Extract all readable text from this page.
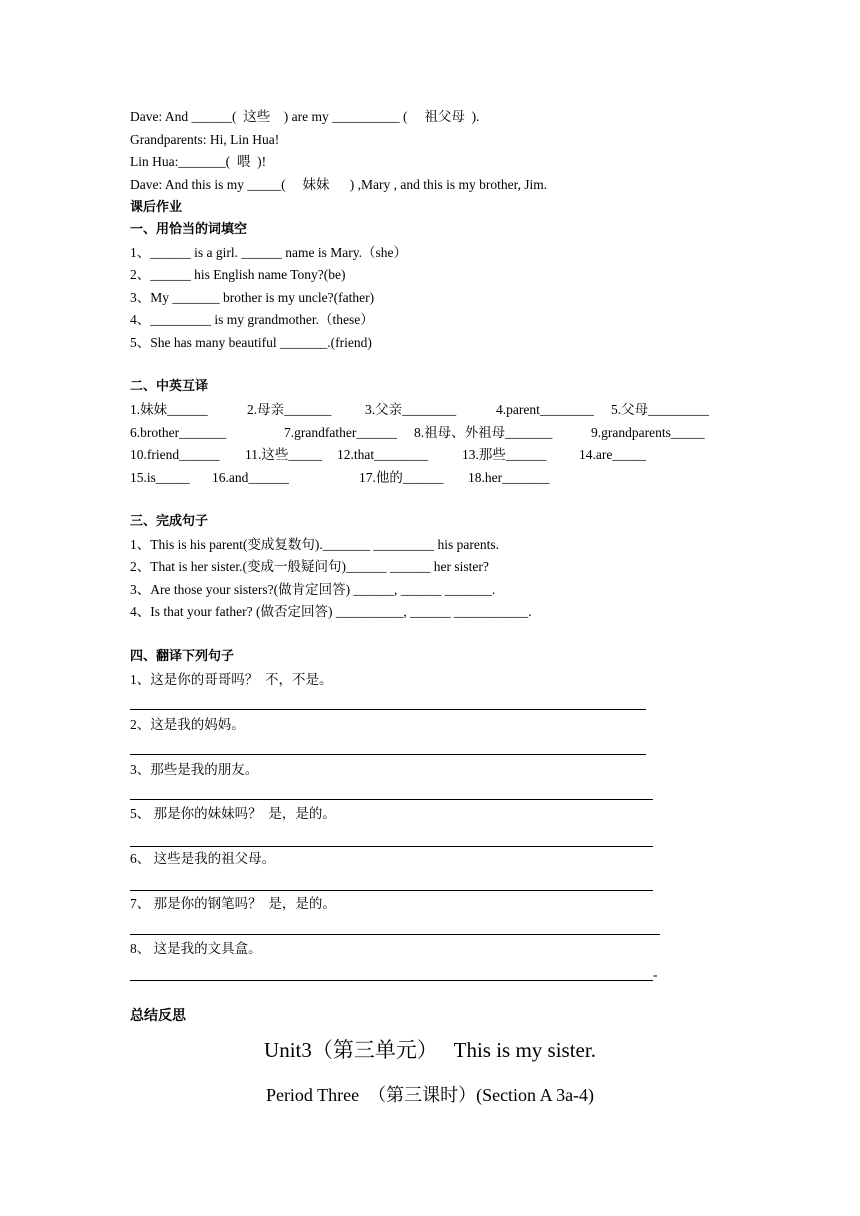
Dave: And ______(  这些    ) are my __________ (     祖父母  ).

Grandparents: Hi, Lin Hua!

Lin Hua:_______(  喂  )!

Dave: And this is my _____(     妹妹      ) ,Mary , and this is my brother, Jim.

课后作业

一、用恰当的词填空

1、______ is a girl. ______ name is Mary.（she）

2、______ his English name Tony?(be)

3、My _______ brother is my uncle?(father)

4、_________ is my grandmother.（these）

5、She has many beautiful _______.(friend)

二、中英互译

1.妹妹______	2.母亲_______ 3.父亲________	4.parent________ 5.父母_________
6.brother_______	7.grandfather______ 8.祖母、外祖母_______	9.grandparents_____
10.friend______ 11.这些_____ 12.that________	13.那些______ 14.are_____
15.is_____ 16.and______	17.他的______ 18.her_______

三、完成句子

1、This is his parent(变成复数句)._______ _________ his parents.

2、That is her sister.(变成一般疑问句)______ ______ her sister?

3、Are those your sisters?(做肯定回答) ______, ______ _______.

4、Is that your father? (做否定回答) __________, ______ ___________.

四、翻译下列句子

1、这是你的哥哥吗？  不，不是。

2、这是我的妈妈。

3、那些是我的朋友。

5、 那是你的妹妹吗？  是，是的。

6、 这些是我的祖父母。

7、 那是你的钢笔吗？  是，是的。

8、 这是我的文具盒。

-

总结反思

Unit3（第三单元）   This is my sister.
Period Three  （第三课时）(Section A 3a-4)
